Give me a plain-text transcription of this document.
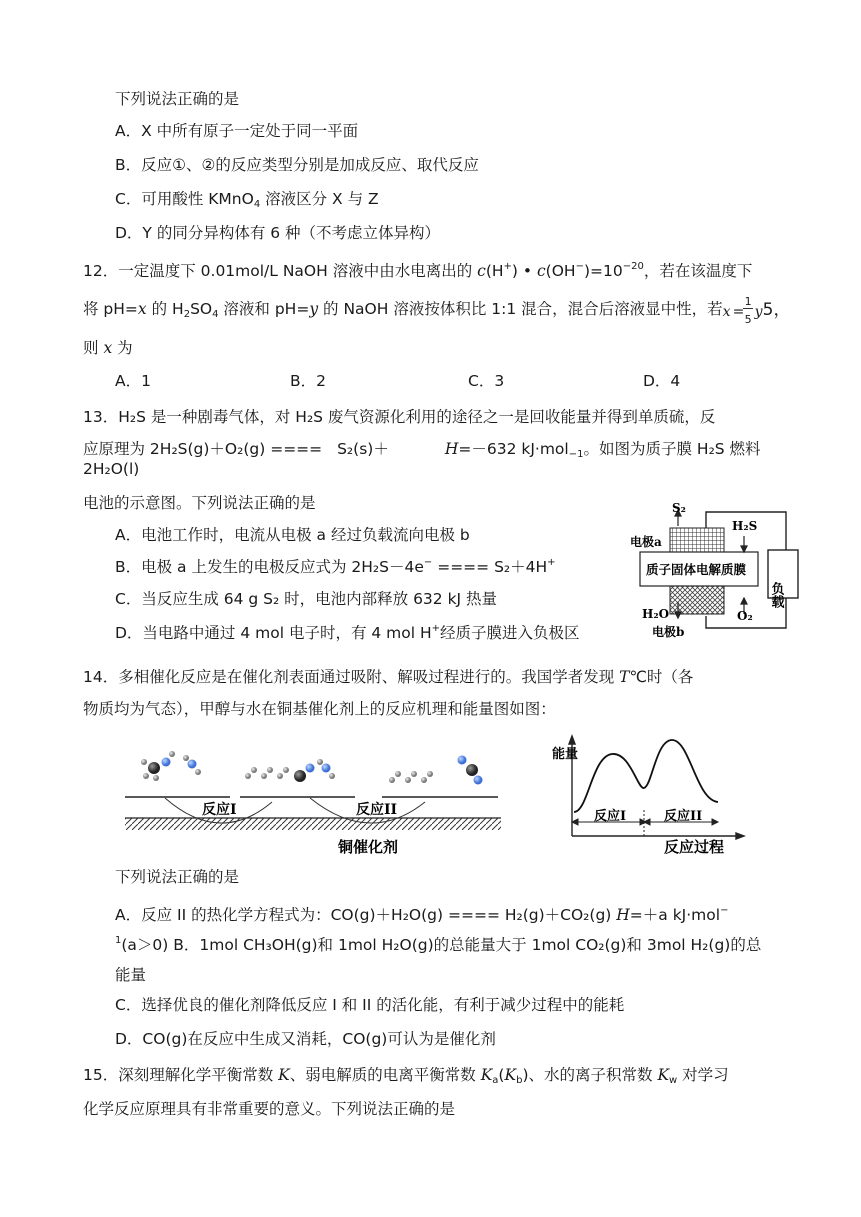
下列说法正确的是
A．X 中所有原子一定处于同一平面
B．反应①、②的反应类型分别是加成反应、取代反应
C．可用酸性 KMnO$_4$ 溶液区分 X 与 Z
D．Y 的同分异构体有 6 种（不考虑立体异构）
12．一定温度下 0.01mol/L NaOH 溶液中由水电离出的 c(H+) • $c(OH^-)=10^{-20}$，若在该温度下
将 pH=x 的 $H_2SO_4$ 溶液和 pH=y 的 NaOH 溶液按体积比 1:1 混合，混合后溶液显中性，若 x =
1
5 y 5，
则 x 为
A．1	B．2	C．3	D．4
13．H₂S 是一种剧毒气体，对 H₂S 废气资源化利用的途径之一是回收能量并得到单质硫，反
应原理为 2H₂S(g)＋O₂(g) ==== S₂(s)＋	H=－632 kJ·mol$_{-1}$。如图为质子膜 H₂S 燃料
2H₂O(l)
电池的示意图。下列说法正确的是
A．电池工作时，电流从电极 a 经过负载流向电极 b
B．电极 a 上发生的电极反应式为 2H₂S－4e− ==== S₂＋4H+
C．当反应生成 64 g S₂ 时，电池内部释放 632 kJ 热量
D．当电路中通过 4 mol 电子时，有 4 mol H+经质子膜进入负极区
S₂
H₂S
电极a
质子固体电解质膜
负载
H₂O	O₂
电极b
14．多相催化反应是在催化剂表面通过吸附、解吸过程进行的。我国学者发现 T℃时（各
物质均为气态），甲醇与水在铜基催化剂上的反应机理和能量图如图：
反应I	反应II
铜催化剂
能量
反应I	反应II
反应过程
下列说法正确的是
A．反应 II 的热化学方程式为：CO(g)＋H₂O(g) ==== H₂(g)＋CO₂(g) H=＋a kJ·mol−
$^1$(a＞0) B．1mol CH₃OH(g)和 1mol H₂O(g)的总能量大于 1mol CO₂(g)和 3mol H₂(g)的总
能量
C．选择优良的催化剂降低反应 I 和 II 的活化能，有利于减少过程中的能耗
D．CO(g)在反应中生成又消耗，CO(g)可认为是催化剂
15．深刻理解化学平衡常数 K、弱电解质的电离平衡常数 $K_a(K_b)$、水的离子积常数 $K_w$ 对学习
化学反应原理具有非常重要的意义。下列说法正确的是
